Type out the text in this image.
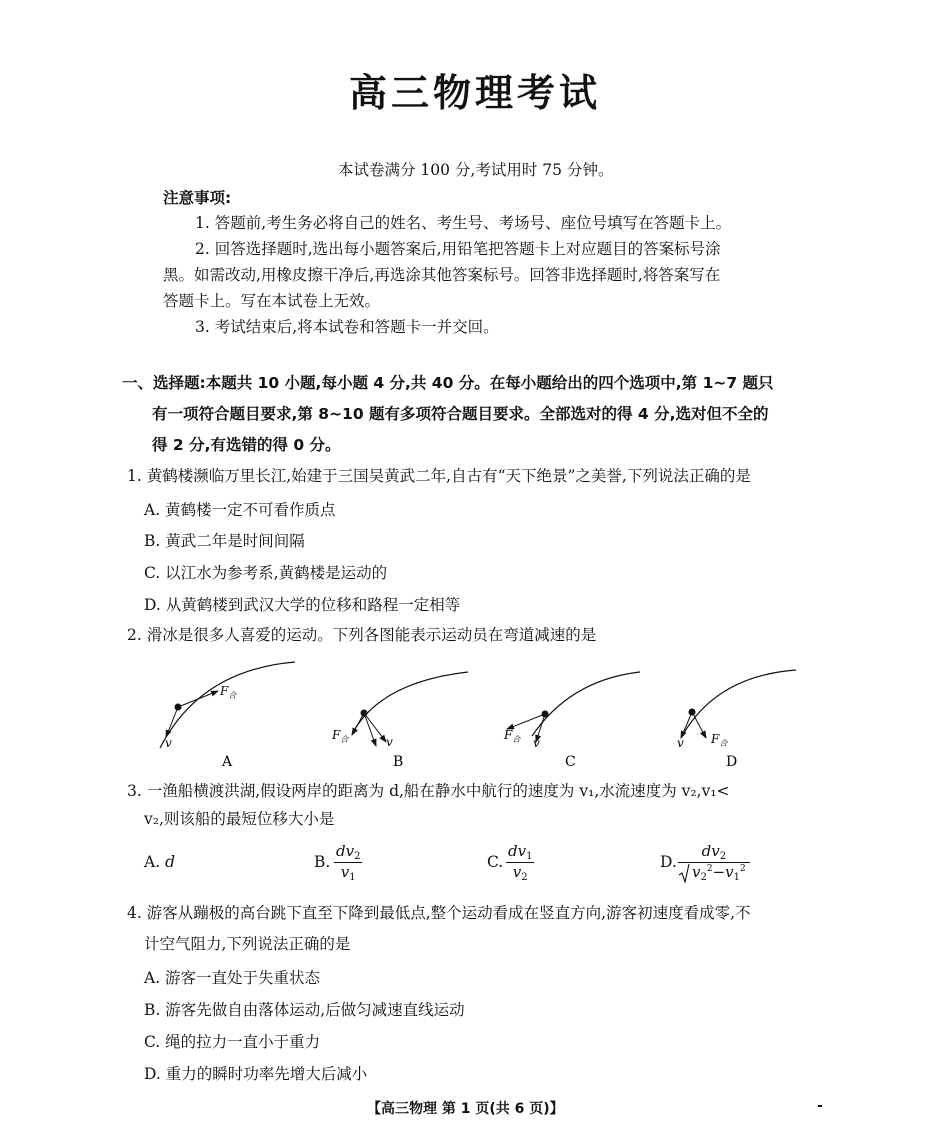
高三物理考试
本试卷满分 100 分,考试用时 75 分钟。
注意事项:
1. 答题前,考生务必将自己的姓名、考生号、考场号、座位号填写在答题卡上。
2. 回答选择题时,选出每小题答案后,用铅笔把答题卡上对应题目的答案标号涂
黑。如需改动,用橡皮擦干净后,再选涂其他答案标号。回答非选择题时,将答案写在
答题卡上。写在本试卷上无效。
3. 考试结束后,将本试卷和答题卡一并交回。
一、选择题:本题共 10 小题,每小题 4 分,共 40 分。在每小题给出的四个选项中,第 1~7 题只
有一项符合题目要求,第 8~10 题有多项符合题目要求。全部选对的得 4 分,选对但不全的
得 2 分,有选错的得 0 分。
1. 黄鹤楼濒临万里长江,始建于三国吴黄武二年,自古有“天下绝景”之美誉,下列说法正确的是
A. 黄鹤楼一定不可看作质点
B. 黄武二年是时间间隔
C. 以江水为参考系,黄鹤楼是运动的
D. 从黄鹤楼到武汉大学的位移和路程一定相等
2. 滑冰是很多人喜爱的运动。下列各图能表示运动员在弯道减速的是
$F_合$
v
A
$F_合$	v
B
$F_合$ v
C
v $F_合$
D
3. 一渔船横渡洪湖,假设两岸的距离为 d,船在静水中航行的速度为 v₁,水流速度为 v₂,v₁<
v₂,则该船的最短位移大小是
A. d	B. $\frac{dv_2}{v_1}$	C. $\frac{dv_1}{v_2}$	D. $\frac{dv_2}{v_2^2-v_1^2}$
4. 游客从蹦极的高台跳下直至下降到最低点,整个运动看成在竖直方向,游客初速度看成零,不
计空气阻力,下列说法正确的是
A. 游客一直处于失重状态
B. 游客先做自由落体运动,后做匀减速直线运动
C. 绳的拉力一直小于重力
D. 重力的瞬时功率先增大后减小
【高三物理 第 1 页(共 6 页)】	-
